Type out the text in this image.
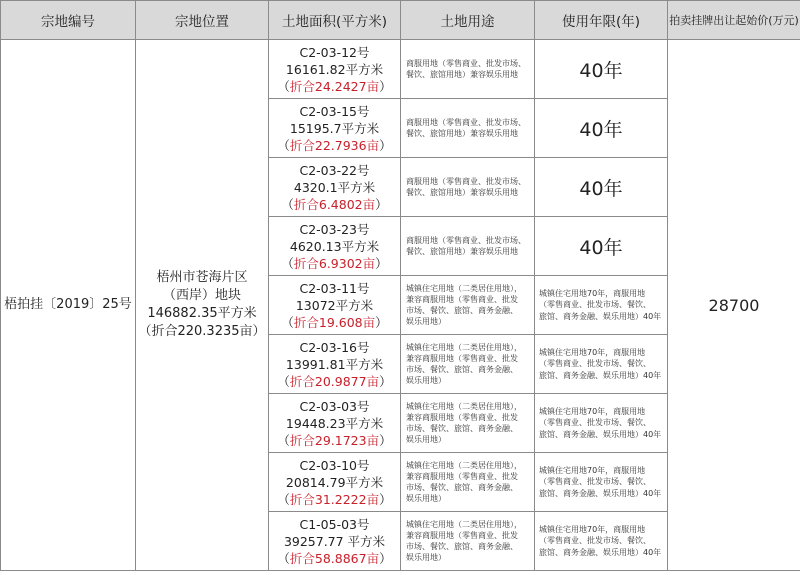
宗地编号	宗地位置	土地面积(平方米)	土地用途	使用年限(年)	拍卖挂牌出让起始价(万元)
梧拍挂〔2019〕25号	梧州市苍海片区
（西岸）地块
146882.35平方米
（折合220.3235亩）	C2-03-12号
16161.82平方米
（折合24.2427亩）	商服用地（零售商业、批发市场、餐饮、旅馆用地）兼容娱乐用地	40年	28700

		C2-03-15号
15195.7平方米
（折合22.7936亩）	商服用地（零售商业、批发市场、餐饮、旅馆用地）兼容娱乐用地	40年	

		C2-03-22号
4320.1平方米
（折合6.4802亩）	商服用地（零售商业、批发市场、餐饮、旅馆用地）兼容娱乐用地	40年	

		C2-03-23号
4620.13平方米
（折合6.9302亩）	商服用地（零售商业、批发市场、餐饮、旅馆用地）兼容娱乐用地	40年	

		C2-03-11号
13072平方米
（折合19.608亩）	城镇住宅用地（二类居住用地），
兼容商服用地（零售商业、批发
市场、餐饮、旅馆、商务金融、
娱乐用地）	城镇住宅用地70年，商服用地
（零售商业、批发市场、餐饮、
旅馆、商务金融、娱乐用地）40年	

		C2-03-16号
13991.81平方米
（折合20.9877亩）	城镇住宅用地（二类居住用地），
兼容商服用地（零售商业、批发
市场、餐饮、旅馆、商务金融、
娱乐用地）	城镇住宅用地70年，商服用地
（零售商业、批发市场、餐饮、
旅馆、商务金融、娱乐用地）40年	

		C2-03-03号
19448.23平方米
（折合29.1723亩）	城镇住宅用地（二类居住用地），
兼容商服用地（零售商业、批发
市场、餐饮、旅馆、商务金融、
娱乐用地）	城镇住宅用地70年，商服用地
（零售商业、批发市场、餐饮、
旅馆、商务金融、娱乐用地）40年	

		C2-03-10号
20814.79平方米
（折合31.2222亩）	城镇住宅用地（二类居住用地），
兼容商服用地（零售商业、批发
市场、餐饮、旅馆、商务金融、
娱乐用地）	城镇住宅用地70年，商服用地
（零售商业、批发市场、餐饮、
旅馆、商务金融、娱乐用地）40年	

		C1-05-03号
39257.77 平方米
（折合58.8867亩）	城镇住宅用地（二类居住用地），
兼容商服用地（零售商业、批发
市场、餐饮、旅馆、商务金融、
娱乐用地）	城镇住宅用地70年，商服用地
（零售商业、批发市场、餐饮、
旅馆、商务金融、娱乐用地）40年	
